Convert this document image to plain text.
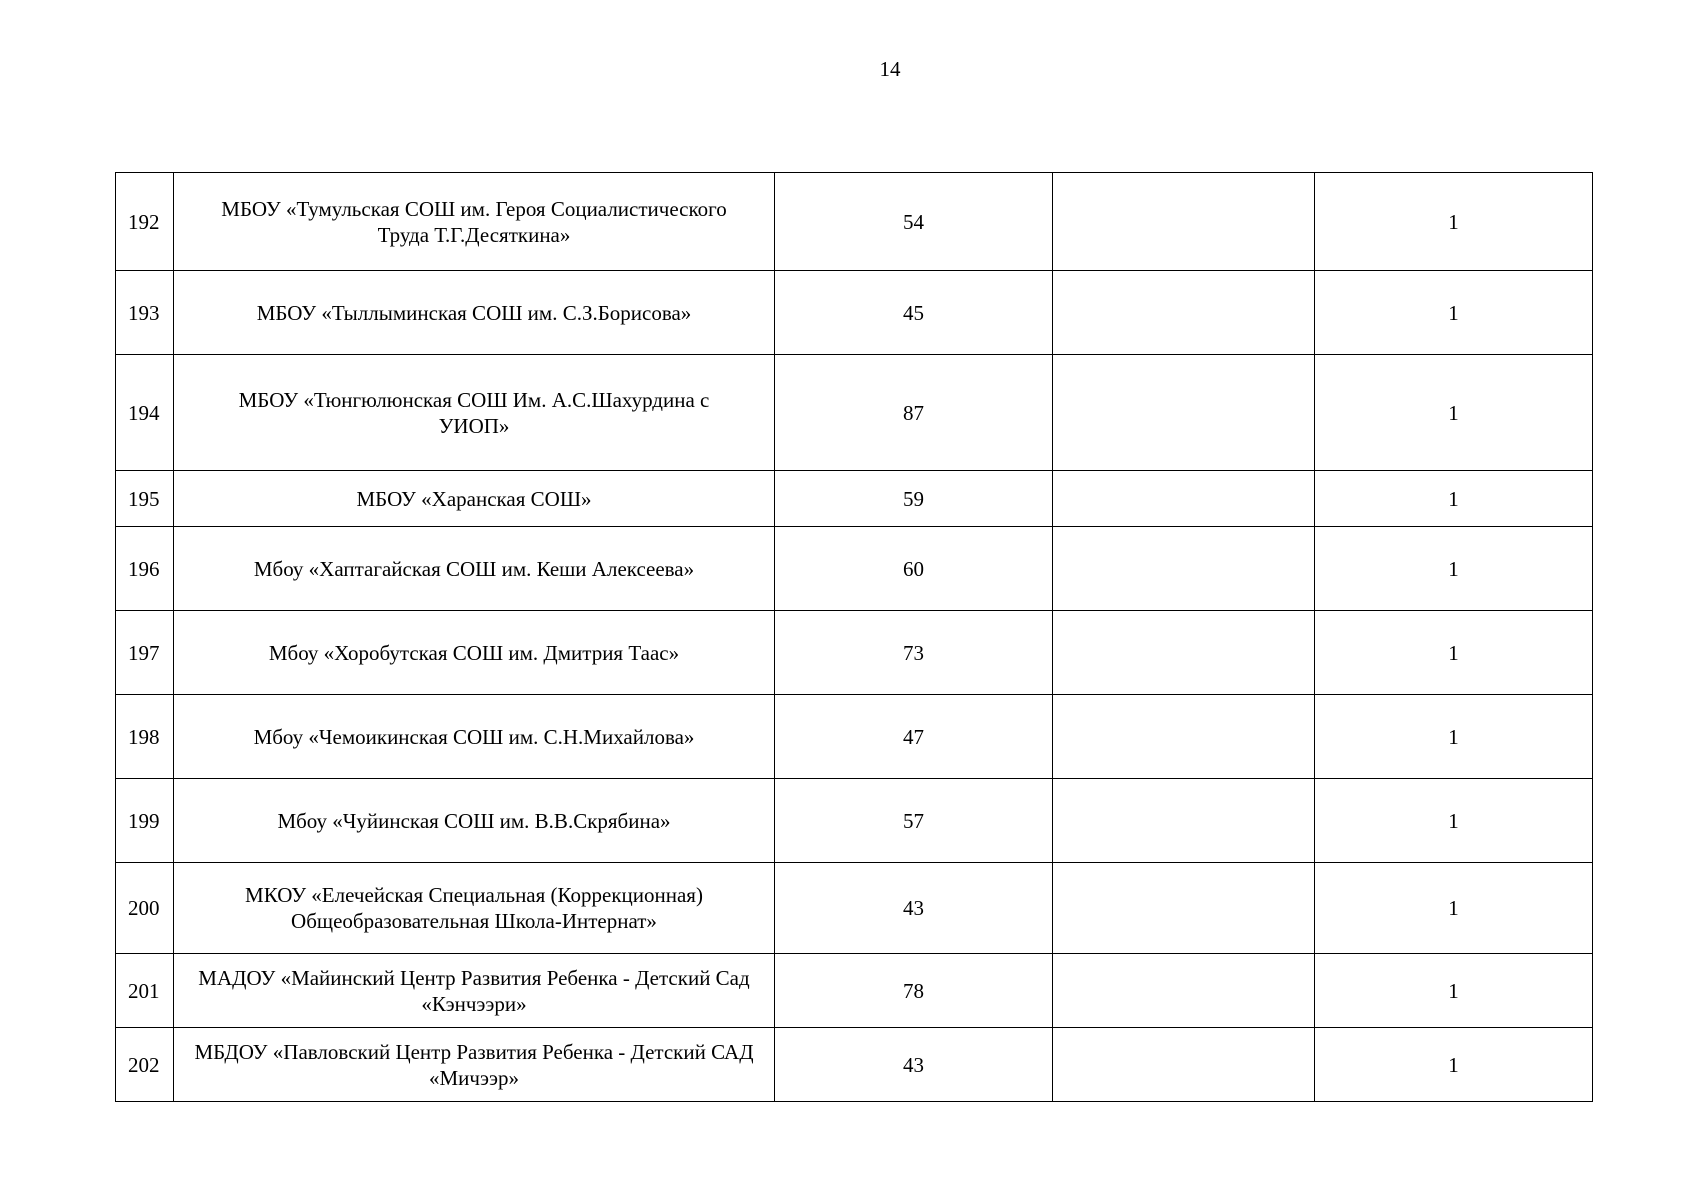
14
192	МБОУ «Тумульская СОШ им. Героя Социалистического Труда Т.Г.Десяткина»	54		1
193	МБОУ «Тыллыминская СОШ им. С.З.Борисова»	45		1
194	МБОУ «Тюнгюлюнская СОШ Им. А.С.Шахурдина с УИОП»	87		1
195	МБОУ «Харанская СОШ»	59		1
196	Мбоу «Хаптагайская СОШ им. Кеши Алексеева»	60		1
197	Мбоу «Хоробутская СОШ им. Дмитрия Таас»	73		1
198	Мбоу «Чемоикинская СОШ им. С.Н.Михайлова»	47		1
199	Мбоу «Чуйинская СОШ им. В.В.Скрябина»	57		1
200	МКОУ «Елечейская Специальная (Коррекционная) Общеобразовательная Школа-Интернат»	43		1
201	МАДОУ «Майинский Центр Развития Ребенка - Детский Сад «Кэнчээри»	78		1
202	МБДОУ «Павловский Центр Развития Ребенка - Детский САД «Мичээр»	43		1
